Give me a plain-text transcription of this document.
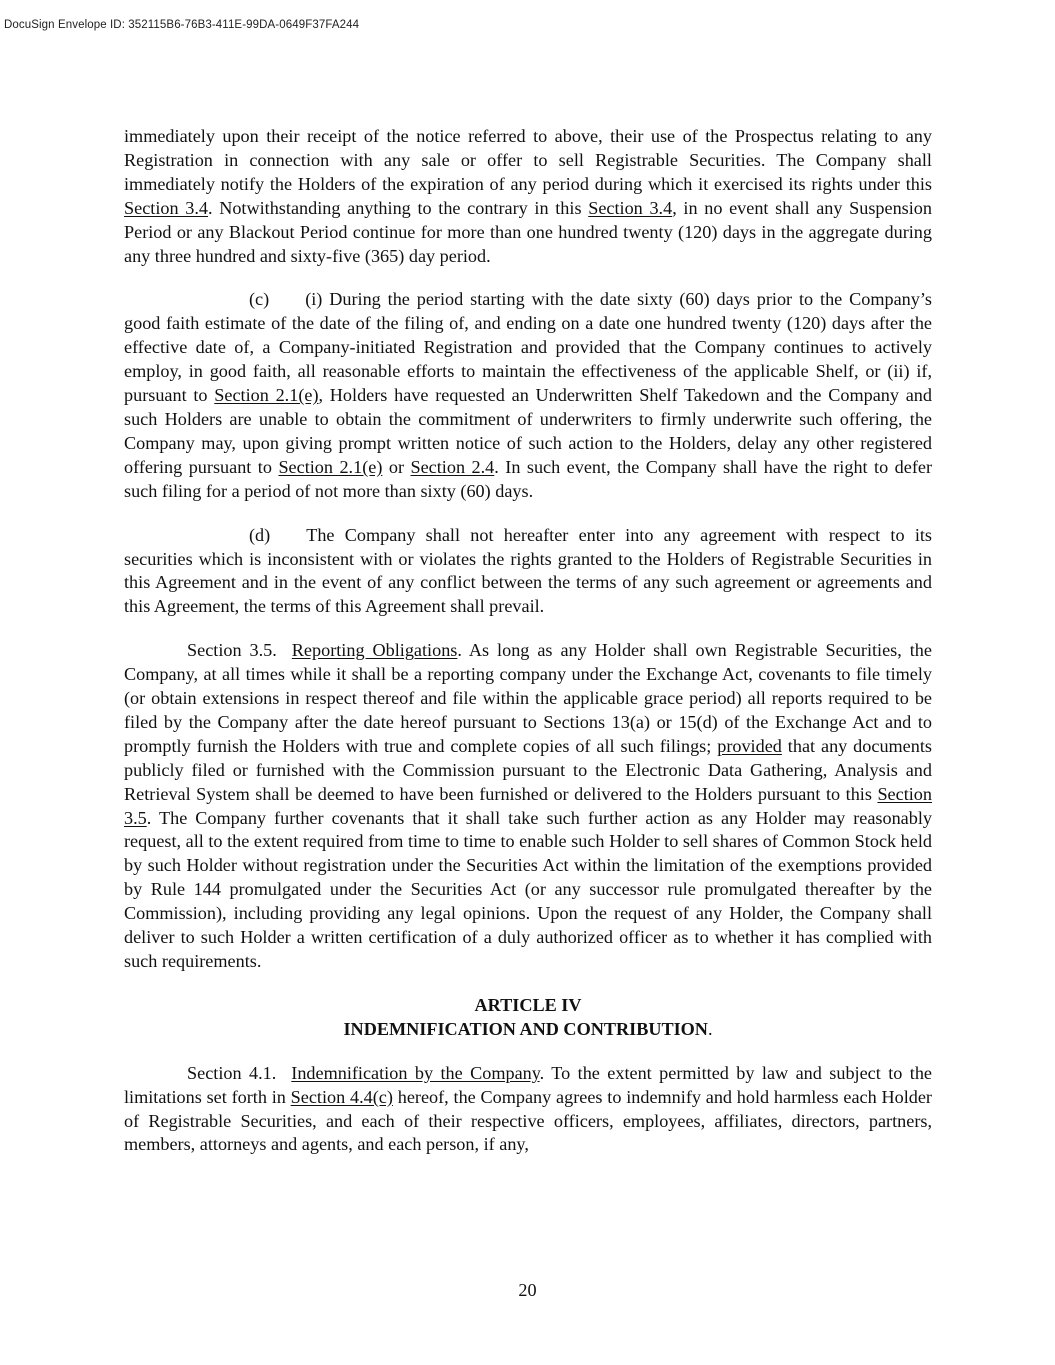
DocuSign Envelope ID: 352115B6-76B3-411E-99DA-0649F37FA244

immediately upon their receipt of the notice referred to above, their use of the Prospectus relating to any Registration in connection with any sale or offer to sell Registrable Securities. The Company shall immediately notify the Holders of the expiration of any period during which it exercised its rights under this Section 3.4. Notwithstanding anything to the contrary in this Section 3.4, in no event shall any Suspension Period or any Blackout Period continue for more than one hundred twenty (120) days in the aggregate during any three hundred and sixty-five (365) day period.

(c) (i) During the period starting with the date sixty (60) days prior to the Company’s good faith estimate of the date of the filing of, and ending on a date one hundred twenty (120) days after the effective date of, a Company-initiated Registration and provided that the Company continues to actively employ, in good faith, all reasonable efforts to maintain the effectiveness of the applicable Shelf, or (ii) if, pursuant to Section 2.1(e), Holders have requested an Underwritten Shelf Takedown and the Company and such Holders are unable to obtain the commitment of underwriters to firmly underwrite such offering, the Company may, upon giving prompt written notice of such action to the Holders, delay any other registered offering pursuant to Section 2.1(e) or Section 2.4. In such event, the Company shall have the right to defer such filing for a period of not more than sixty (60) days.

(d) The Company shall not hereafter enter into any agreement with respect to its securities which is inconsistent with or violates the rights granted to the Holders of Registrable Securities in this Agreement and in the event of any conflict between the terms of any such agreement or agreements and this Agreement, the terms of this Agreement shall prevail.

Section 3.5. Reporting Obligations. As long as any Holder shall own Registrable Securities, the Company, at all times while it shall be a reporting company under the Exchange Act, covenants to file timely (or obtain extensions in respect thereof and file within the applicable grace period) all reports required to be filed by the Company after the date hereof pursuant to Sections 13(a) or 15(d) of the Exchange Act and to promptly furnish the Holders with true and complete copies of all such filings; provided that any documents publicly filed or furnished with the Commission pursuant to the Electronic Data Gathering, Analysis and Retrieval System shall be deemed to have been furnished or delivered to the Holders pursuant to this Section 3.5. The Company further covenants that it shall take such further action as any Holder may reasonably request, all to the extent required from time to time to enable such Holder to sell shares of Common Stock held by such Holder without registration under the Securities Act within the limitation of the exemptions provided by Rule 144 promulgated under the Securities Act (or any successor rule promulgated thereafter by the Commission), including providing any legal opinions. Upon the request of any Holder, the Company shall deliver to such Holder a written certification of a duly authorized officer as to whether it has complied with such requirements.

ARTICLE IV
INDEMNIFICATION AND CONTRIBUTION.

Section 4.1. Indemnification by the Company. To the extent permitted by law and subject to the limitations set forth in Section 4.4(c) hereof, the Company agrees to indemnify and hold harmless each Holder of Registrable Securities, and each of their respective officers, employees, affiliates, directors, partners, members, attorneys and agents, and each person, if any,

20
